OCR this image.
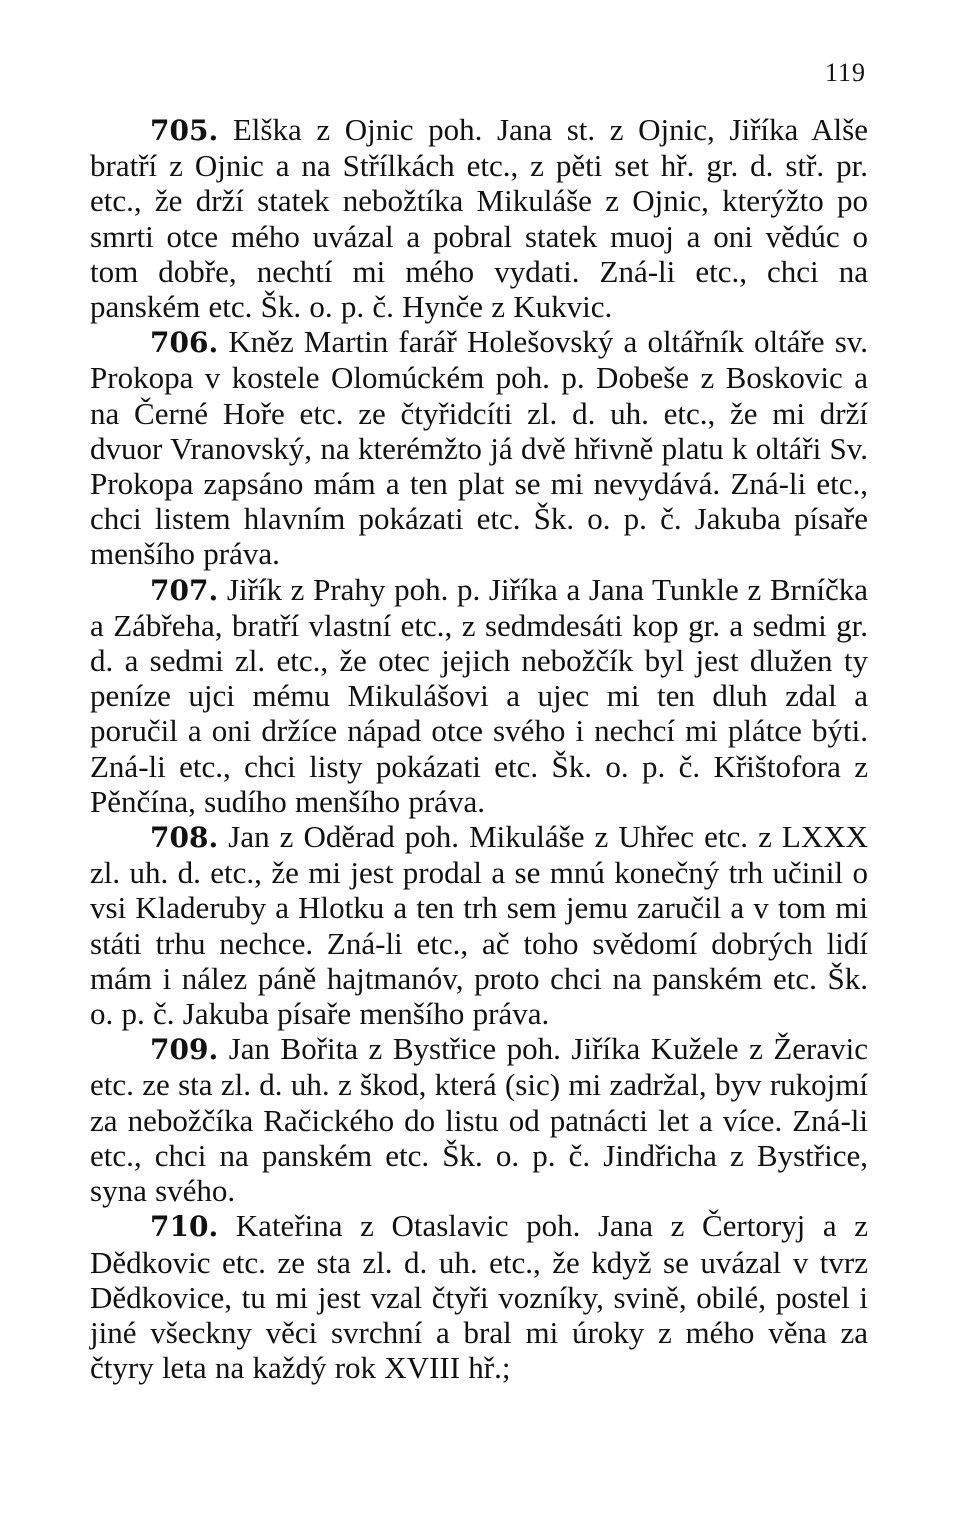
119

705. Elška z Ojnic poh. Jana st. z Ojnic, Jiříka Alše bratří z Ojnic a na Střílkách etc., z pěti set hř. gr. d. stř. pr. etc., že drží statek nebožtíka Mikuláše z Ojnic, kterýžto po smrti otce mého uvázal a pobral statek muoj a oni vědúc o tom dobře, nechtí mi mého vydati. Zná-li etc., chci na panském etc. Šk. o. p. č. Hynče z Kukvic.

706. Kněz Martin farář Holešovský a oltářník oltáře sv. Prokopa v kostele Olomúckém poh. p. Dobeše z Boskovic a na Černé Hoře etc. ze čtyřidcíti zl. d. uh. etc., že mi drží dvuor Vranovský, na kterémžto já dvě hřivně platu k oltáři Sv. Prokopa zapsáno mám a ten plat se mi nevydává. Zná-li etc., chci listem hlavním pokázati etc. Šk. o. p. č. Jakuba písaře menšího práva.

707. Jiřík z Prahy poh. p. Jiříka a Jana Tunkle z Brníčka a Zábřeha, bratří vlastní etc., z sedmdesáti kop gr. a sedmi gr. d. a sedmi zl. etc., že otec jejich nebožčík byl jest dlužen ty peníze ujci mému Mikulášovi a ujec mi ten dluh zdal a poručil a oni držíce nápad otce svého i nechcí mi plátce býti. Zná-li etc., chci listy pokázati etc. Šk. o. p. č. Křištofora z Pěnčína, sudího menšího práva.

708. Jan z Oděrad poh. Mikuláše z Uhřec etc. z LXXX zl. uh. d. etc., že mi jest prodal a se mnú konečný trh učinil o vsi Kladeruby a Hlotku a ten trh sem jemu zaručil a v tom mi státi trhu nechce. Zná-li etc., ač toho svědomí dobrých lidí mám i nález páně hajtmanóv, proto chci na panském etc. Šk. o. p. č. Jakuba písaře menšího práva.

709. Jan Bořita z Bystřice poh. Jiříka Kužele z Žeravic etc. ze sta zl. d. uh. z škod, která (sic) mi zadržal, byv rukojmí za nebožčíka Račického do listu od patnácti let a více. Zná-li etc., chci na panském etc. Šk. o. p. č. Jindřicha z Bystřice, syna svého.

710. Kateřina z Otaslavic poh. Jana z Čertoryj a z Dědkovic etc. ze sta zl. d. uh. etc., že když se uvázal v tvrz Dědkovice, tu mi jest vzal čtyři vozníky, svině, obilé, postel i jiné všeckny věci svrchní a bral mi úroky z mého věna za čtyry leta na každý rok XVIII hř.;
